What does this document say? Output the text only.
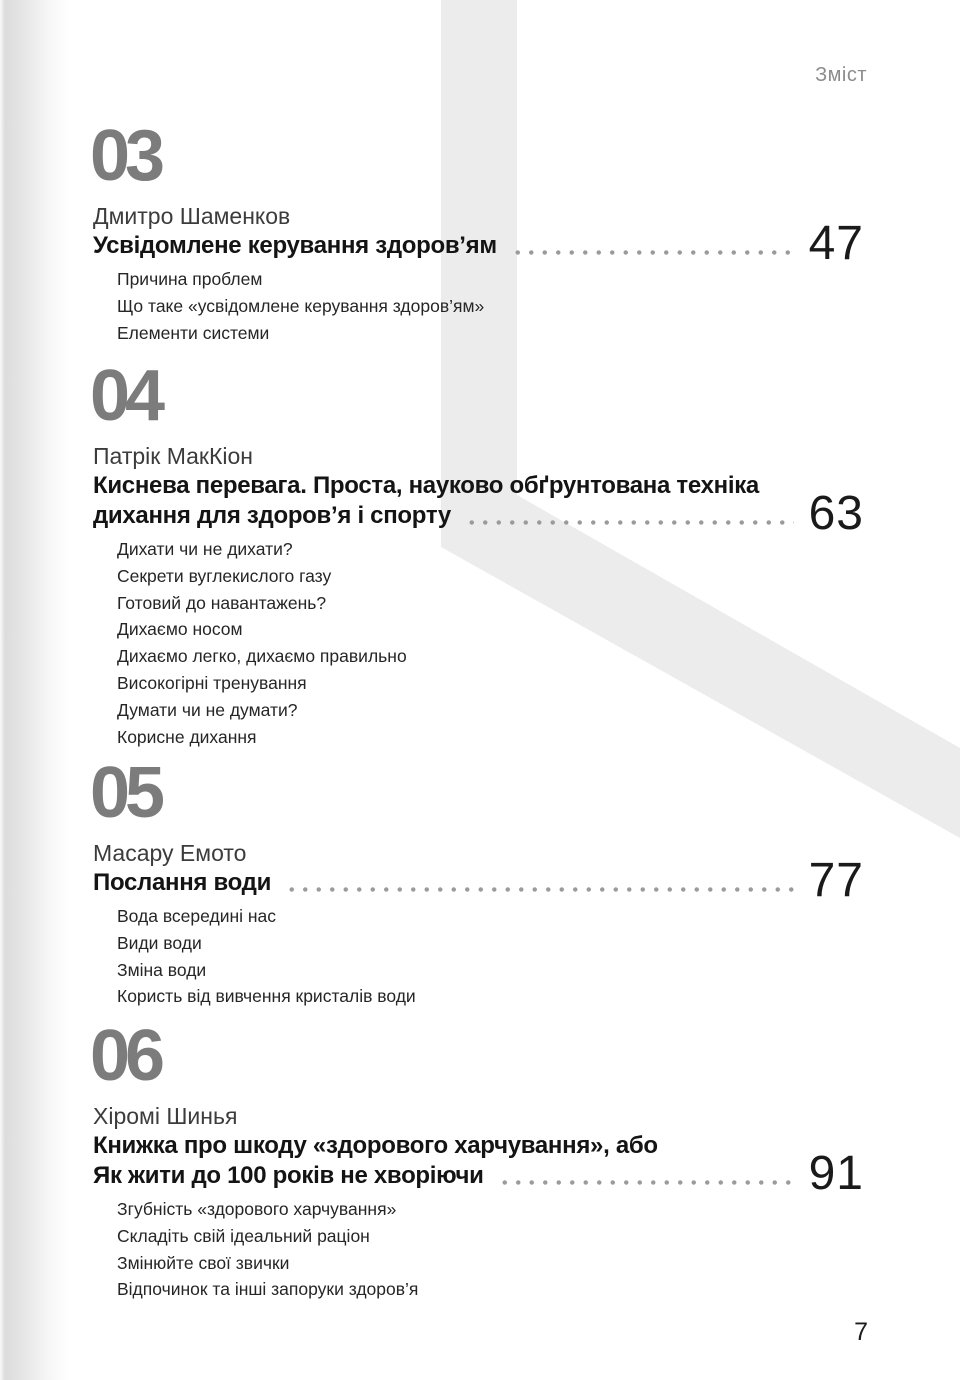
Зміст
03
Дмитро Шаменков
Усвідомлене керування здоров’ям	47
Причина проблем
Що таке «усвідомлене керування здоров’ям»
Елементи системи
04
Патрік МакКіон
Киснева перевага. Проста, науково обґрунтована техніка
дихання для здоров’я і спорту	63
Дихати чи не дихати?
Секрети вуглекислого газу
Готовий до навантажень?
Дихаємо носом
Дихаємо легко, дихаємо правильно
Високогірні тренування
Думати чи не думати?
Корисне дихання
05
Масару Емото
Послання води	77
Вода всередині нас
Види води
Зміна води
Користь від вивчення кристалів води
06
Хіромі Шинья
Книжка про шкоду «здорового харчування», або
Як жити до 100 років не хворіючи	91
Згубність «здорового харчування»
Складіть свій ідеальний раціон
Змінюйте свої звички
Відпочинок та інші запоруки здоров’я
7
